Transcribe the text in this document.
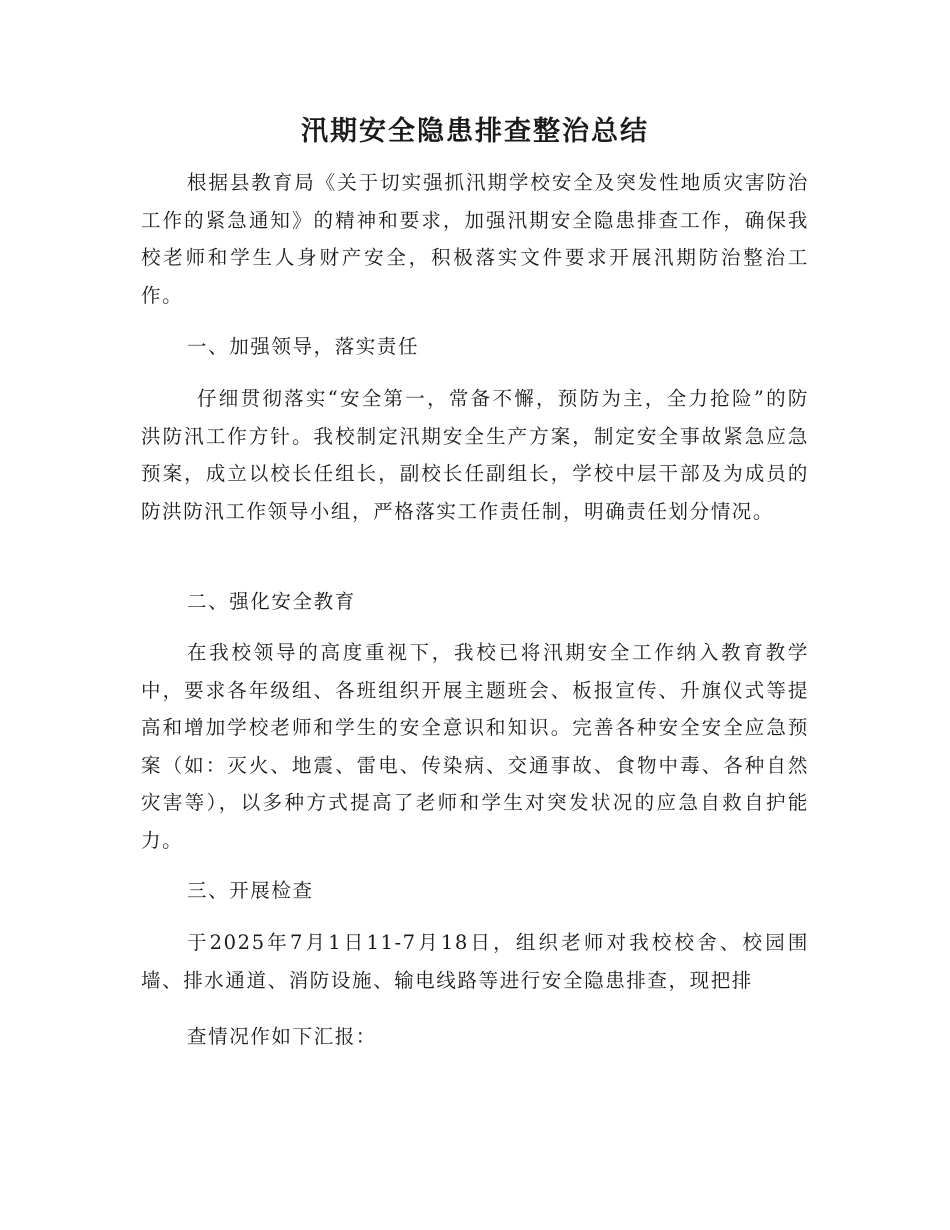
汛期安全隐患排查整治总结

根据县教育局《关于切实强抓汛期学校安全及突发性地质灾害防治工作的紧急通知》的精神和要求，加强汛期安全隐患排查工作，确保我校老师和学生人身财产安全，积极落实文件要求开展汛期防治整治工作。

一、加强领导，落实责任

仔细贯彻落实“安全第一，常备不懈，预防为主，全力抢险”的防洪防汛工作方针。我校制定汛期安全生产方案，制定安全事故紧急应急预案，成立以校长任组长，副校长任副组长，学校中层干部及为成员的防洪防汛工作领导小组，严格落实工作责任制，明确责任划分情况。

二、强化安全教育

在我校领导的高度重视下，我校已将汛期安全工作纳入教育教学中，要求各年级组、各班组织开展主题班会、板报宣传、升旗仪式等提高和增加学校老师和学生的安全意识和知识。完善各种安全安全应急预案（如：灭火、地震、雷电、传染病、交通事故、食物中毒、各种自然灾害等），以多种方式提高了老师和学生对突发状况的应急自救自护能力。

三、开展检查

于2025年7月1日11-7月18日，组织老师对我校校舍、校园围墙、排水通道、消防设施、输电线路等进行安全隐患排查，现把排

查情况作如下汇报：
